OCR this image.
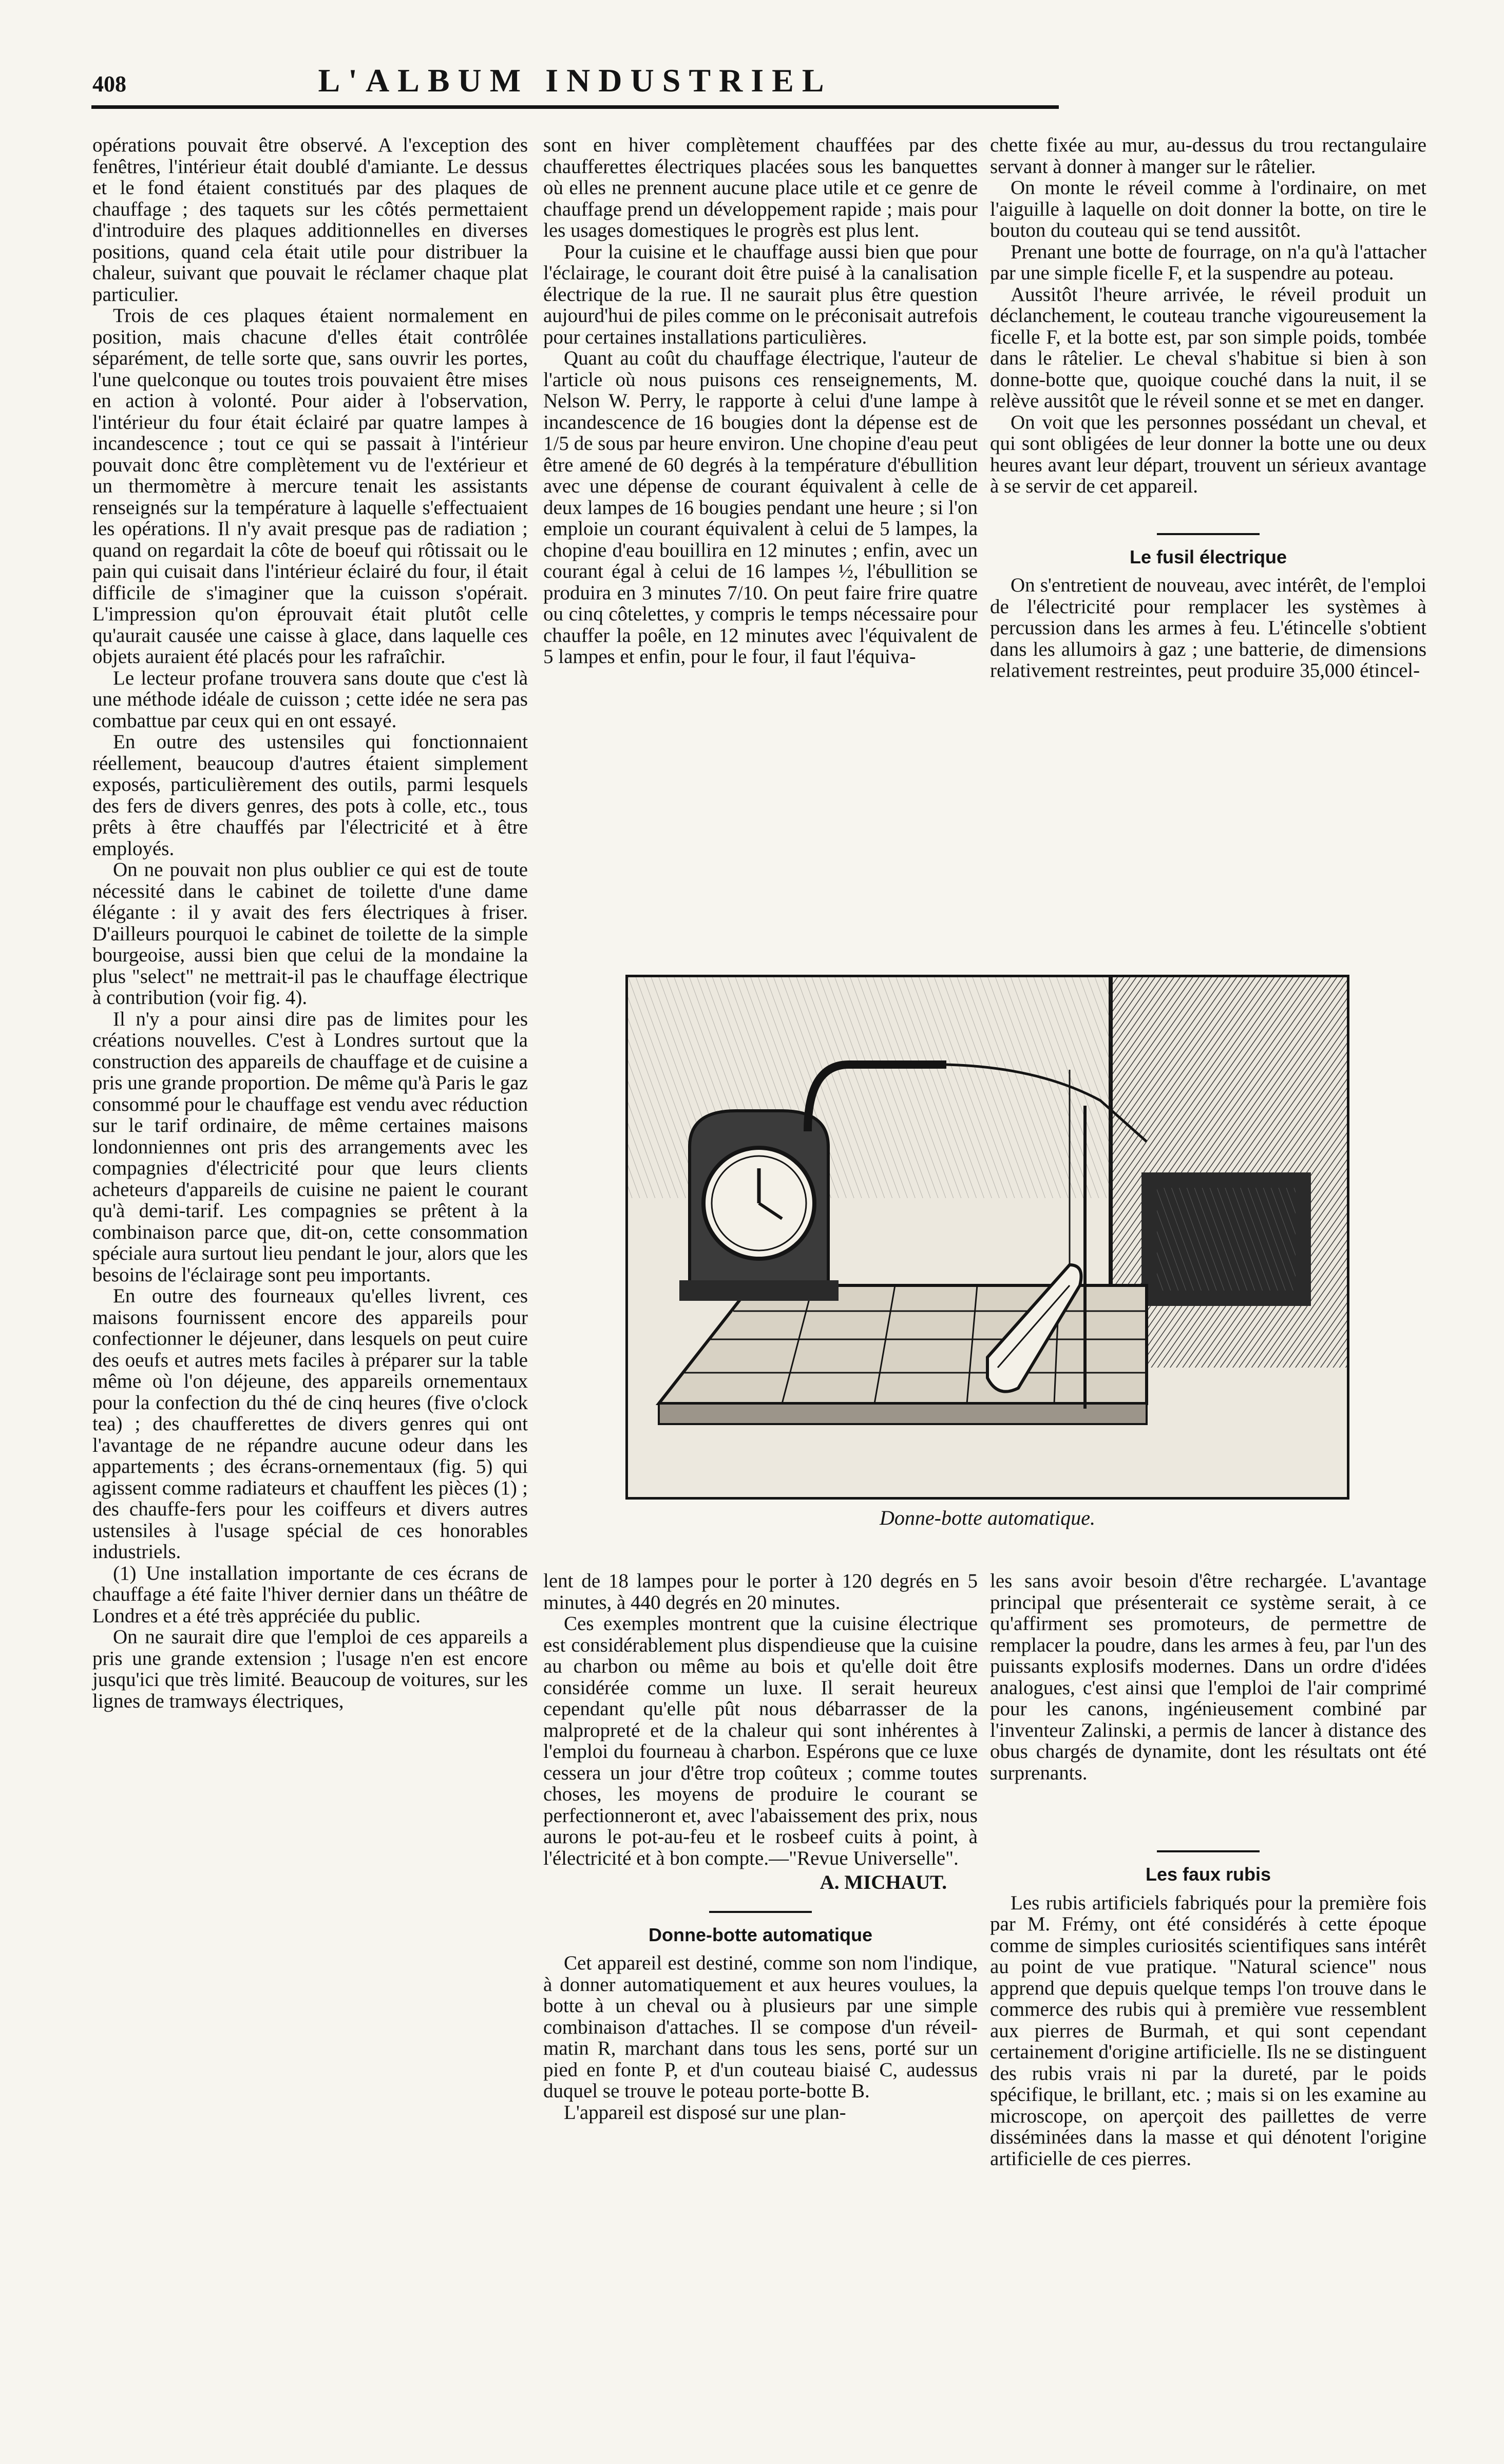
408	L'ALBUM INDUSTRIEL

opérations pouvait être observé. A l'exception des fenêtres, l'intérieur était doublé d'amiante. Le dessus et le fond étaient constitués par des plaques de chauffage ; des taquets sur les côtés permettaient d'introduire des plaques additionnelles en diverses positions, quand cela était utile pour distribuer la chaleur, suivant que pouvait le réclamer chaque plat particulier.

Trois de ces plaques étaient normalement en position, mais chacune d'elles était contrôlée séparément, de telle sorte que, sans ouvrir les portes, l'une quelconque ou toutes trois pouvaient être mises en action à volonté. Pour aider à l'observation, l'intérieur du four était éclairé par quatre lampes à incandescence ; tout ce qui se passait à l'intérieur pouvait donc être complètement vu de l'extérieur et un thermomètre à mercure tenait les assistants renseignés sur la température à laquelle s'effectuaient les opérations. Il n'y avait presque pas de radiation ; quand on regardait la côte de boeuf qui rôtissait ou le pain qui cuisait dans l'intérieur éclairé du four, il était difficile de s'imaginer que la cuisson s'opérait. L'impression qu'on éprouvait était plutôt celle qu'aurait causée une caisse à glace, dans laquelle ces objets auraient été placés pour les rafraîchir.

Le lecteur profane trouvera sans doute que c'est là une méthode idéale de cuisson ; cette idée ne sera pas combattue par ceux qui en ont essayé.

En outre des ustensiles qui fonctionnaient réellement, beaucoup d'autres étaient simplement exposés, particulièrement des outils, parmi lesquels des fers de divers genres, des pots à colle, etc., tous prêts à être chauffés par l'électricité et à être employés.

On ne pouvait non plus oublier ce qui est de toute nécessité dans le cabinet de toilette d'une dame élégante : il y avait des fers électriques à friser. D'ailleurs pourquoi le cabinet de toilette de la simple bourgeoise, aussi bien que celui de la mondaine la plus "select" ne mettrait-il pas le chauffage électrique à contribution (voir fig. 4).

Il n'y a pour ainsi dire pas de limites pour les créations nouvelles. C'est à Londres surtout que la construction des appareils de chauffage et de cuisine a pris une grande proportion. De même qu'à Paris le gaz consommé pour le chauffage est vendu avec réduction sur le tarif ordinaire, de même certaines maisons londonniennes ont pris des arrangements avec les compagnies d'électricité pour que leurs clients acheteurs d'appareils de cuisine ne paient le courant qu'à demi-tarif. Les compagnies se prêtent à la combinaison parce que, dit-on, cette consommation spéciale aura surtout lieu pendant le jour, alors que les besoins de l'éclairage sont peu importants.

En outre des fourneaux qu'elles livrent, ces maisons fournissent encore des appareils pour confectionner le déjeuner, dans lesquels on peut cuire des oeufs et autres mets faciles à préparer sur la table même où l'on déjeune, des appareils ornementaux pour la confection du thé de cinq heures (five o'clock tea) ; des chaufferettes de divers genres qui ont l'avantage de ne répandre aucune odeur dans les appartements ; des écrans-ornementaux (fig. 5) qui agissent comme radiateurs et chauffent les pièces (1) ; des chauffe-fers pour les coiffeurs et divers autres ustensiles à l'usage spécial de ces honorables industriels.

(1) Une installation importante de ces écrans de chauffage a été faite l'hiver dernier dans un théâtre de Londres et a été très appréciée du public.

On ne saurait dire que l'emploi de ces appareils a pris une grande extension ; l'usage n'en est encore jusqu'ici que très limité. Beaucoup de voitures, sur les lignes de tramways électriques,

sont en hiver complètement chauffées par des chaufferettes électriques placées sous les banquettes où elles ne prennent aucune place utile et ce genre de chauffage prend un développement rapide ; mais pour les usages domestiques le progrès est plus lent.

Pour la cuisine et le chauffage aussi bien que pour l'éclairage, le courant doit être puisé à la canalisation électrique de la rue. Il ne saurait plus être question aujourd'hui de piles comme on le préconisait autrefois pour certaines installations particulières.

Quant au coût du chauffage électrique, l'auteur de l'article où nous puisons ces renseignements, M. Nelson W. Perry, le rapporte à celui d'une lampe à incandescence de 16 bougies dont la dépense est de 1/5 de sous par heure environ. Une chopine d'eau peut être amené de 60 degrés à la température d'ébullition avec une dépense de courant équivalent à celle de deux lampes de 16 bougies pendant une heure ; si l'on emploie un courant équivalent à celui de 5 lampes, la chopine d'eau bouillira en 12 minutes ; enfin, avec un courant égal à celui de 16 lampes ½, l'ébullition se produira en 3 minutes 7/10. On peut faire frire quatre ou cinq côtelettes, y compris le temps nécessaire pour chauffer la poêle, en 12 minutes avec l'équivalent de 5 lampes et enfin, pour le four, il faut l'équiva-

chette fixée au mur, au-dessus du trou rectangulaire servant à donner à manger sur le râtelier.

On monte le réveil comme à l'ordinaire, on met l'aiguille à laquelle on doit donner la botte, on tire le bouton du couteau qui se tend aussitôt.

Prenant une botte de fourrage, on n'a qu'à l'attacher par une simple ficelle F, et la suspendre au poteau.

Aussitôt l'heure arrivée, le réveil produit un déclanchement, le couteau tranche vigoureusement la ficelle F, et la botte est, par son simple poids, tombée dans le râtelier. Le cheval s'habitue si bien à son donne-botte que, quoique couché dans la nuit, il se relève aussitôt que le réveil sonne et se met en danger.

On voit que les personnes possédant un cheval, et qui sont obligées de leur donner la botte une ou deux heures avant leur départ, trouvent un sérieux avantage à se servir de cet appareil.

Le fusil électrique

On s'entretient de nouveau, avec intérêt, de l'emploi de l'électricité pour remplacer les systèmes à percussion dans les armes à feu. L'étincelle s'obtient dans les allumoirs à gaz ; une batterie, de dimensions relativement restreintes, peut produire 35,000 étincel-

Donne-botte automatique.

lent de 18 lampes pour le porter à 120 degrés en 5 minutes, à 440 degrés en 20 minutes.

Ces exemples montrent que la cuisine électrique est considérablement plus dispendieuse que la cuisine au charbon ou même au bois et qu'elle doit être considérée comme un luxe. Il serait heureux cependant qu'elle pût nous débarrasser de la malpropreté et de la chaleur qui sont inhérentes à l'emploi du fourneau à charbon. Espérons que ce luxe cessera un jour d'être trop coûteux ; comme toutes choses, les moyens de produire le courant se perfectionneront et, avec l'abaissement des prix, nous aurons le pot-au-feu et le rosbeef cuits à point, à l'électricité et à bon compte.—"Revue Universelle".

A. MICHAUT.
Donne-botte automatique

Cet appareil est destiné, comme son nom l'indique, à donner automatiquement et aux heures voulues, la botte à un cheval ou à plusieurs par une simple combinaison d'attaches. Il se compose d'un réveil-matin R, marchant dans tous les sens, porté sur un pied en fonte P, et d'un couteau biaisé C, audessus duquel se trouve le poteau porte-botte B.

L'appareil est disposé sur une plan-

les sans avoir besoin d'être rechargée. L'avantage principal que présenterait ce système serait, à ce qu'affirment ses promoteurs, de permettre de remplacer la poudre, dans les armes à feu, par l'un des puissants explosifs modernes. Dans un ordre d'idées analogues, c'est ainsi que l'emploi de l'air comprimé pour les canons, ingénieusement combiné par l'inventeur Zalinski, a permis de lancer à distance des obus chargés de dynamite, dont les résultats ont été surprenants.

Les faux rubis

Les rubis artificiels fabriqués pour la première fois par M. Frémy, ont été considérés à cette époque comme de simples curiosités scientifiques sans intérêt au point de vue pratique. "Natural science" nous apprend que depuis quelque temps l'on trouve dans le commerce des rubis qui à première vue ressemblent aux pierres de Burmah, et qui sont cependant certainement d'origine artificielle. Ils ne se distinguent des rubis vrais ni par la dureté, par le poids spécifique, le brillant, etc. ; mais si on les examine au microscope, on aperçoit des paillettes de verre disséminées dans la masse et qui dénotent l'origine artificielle de ces pierres.
